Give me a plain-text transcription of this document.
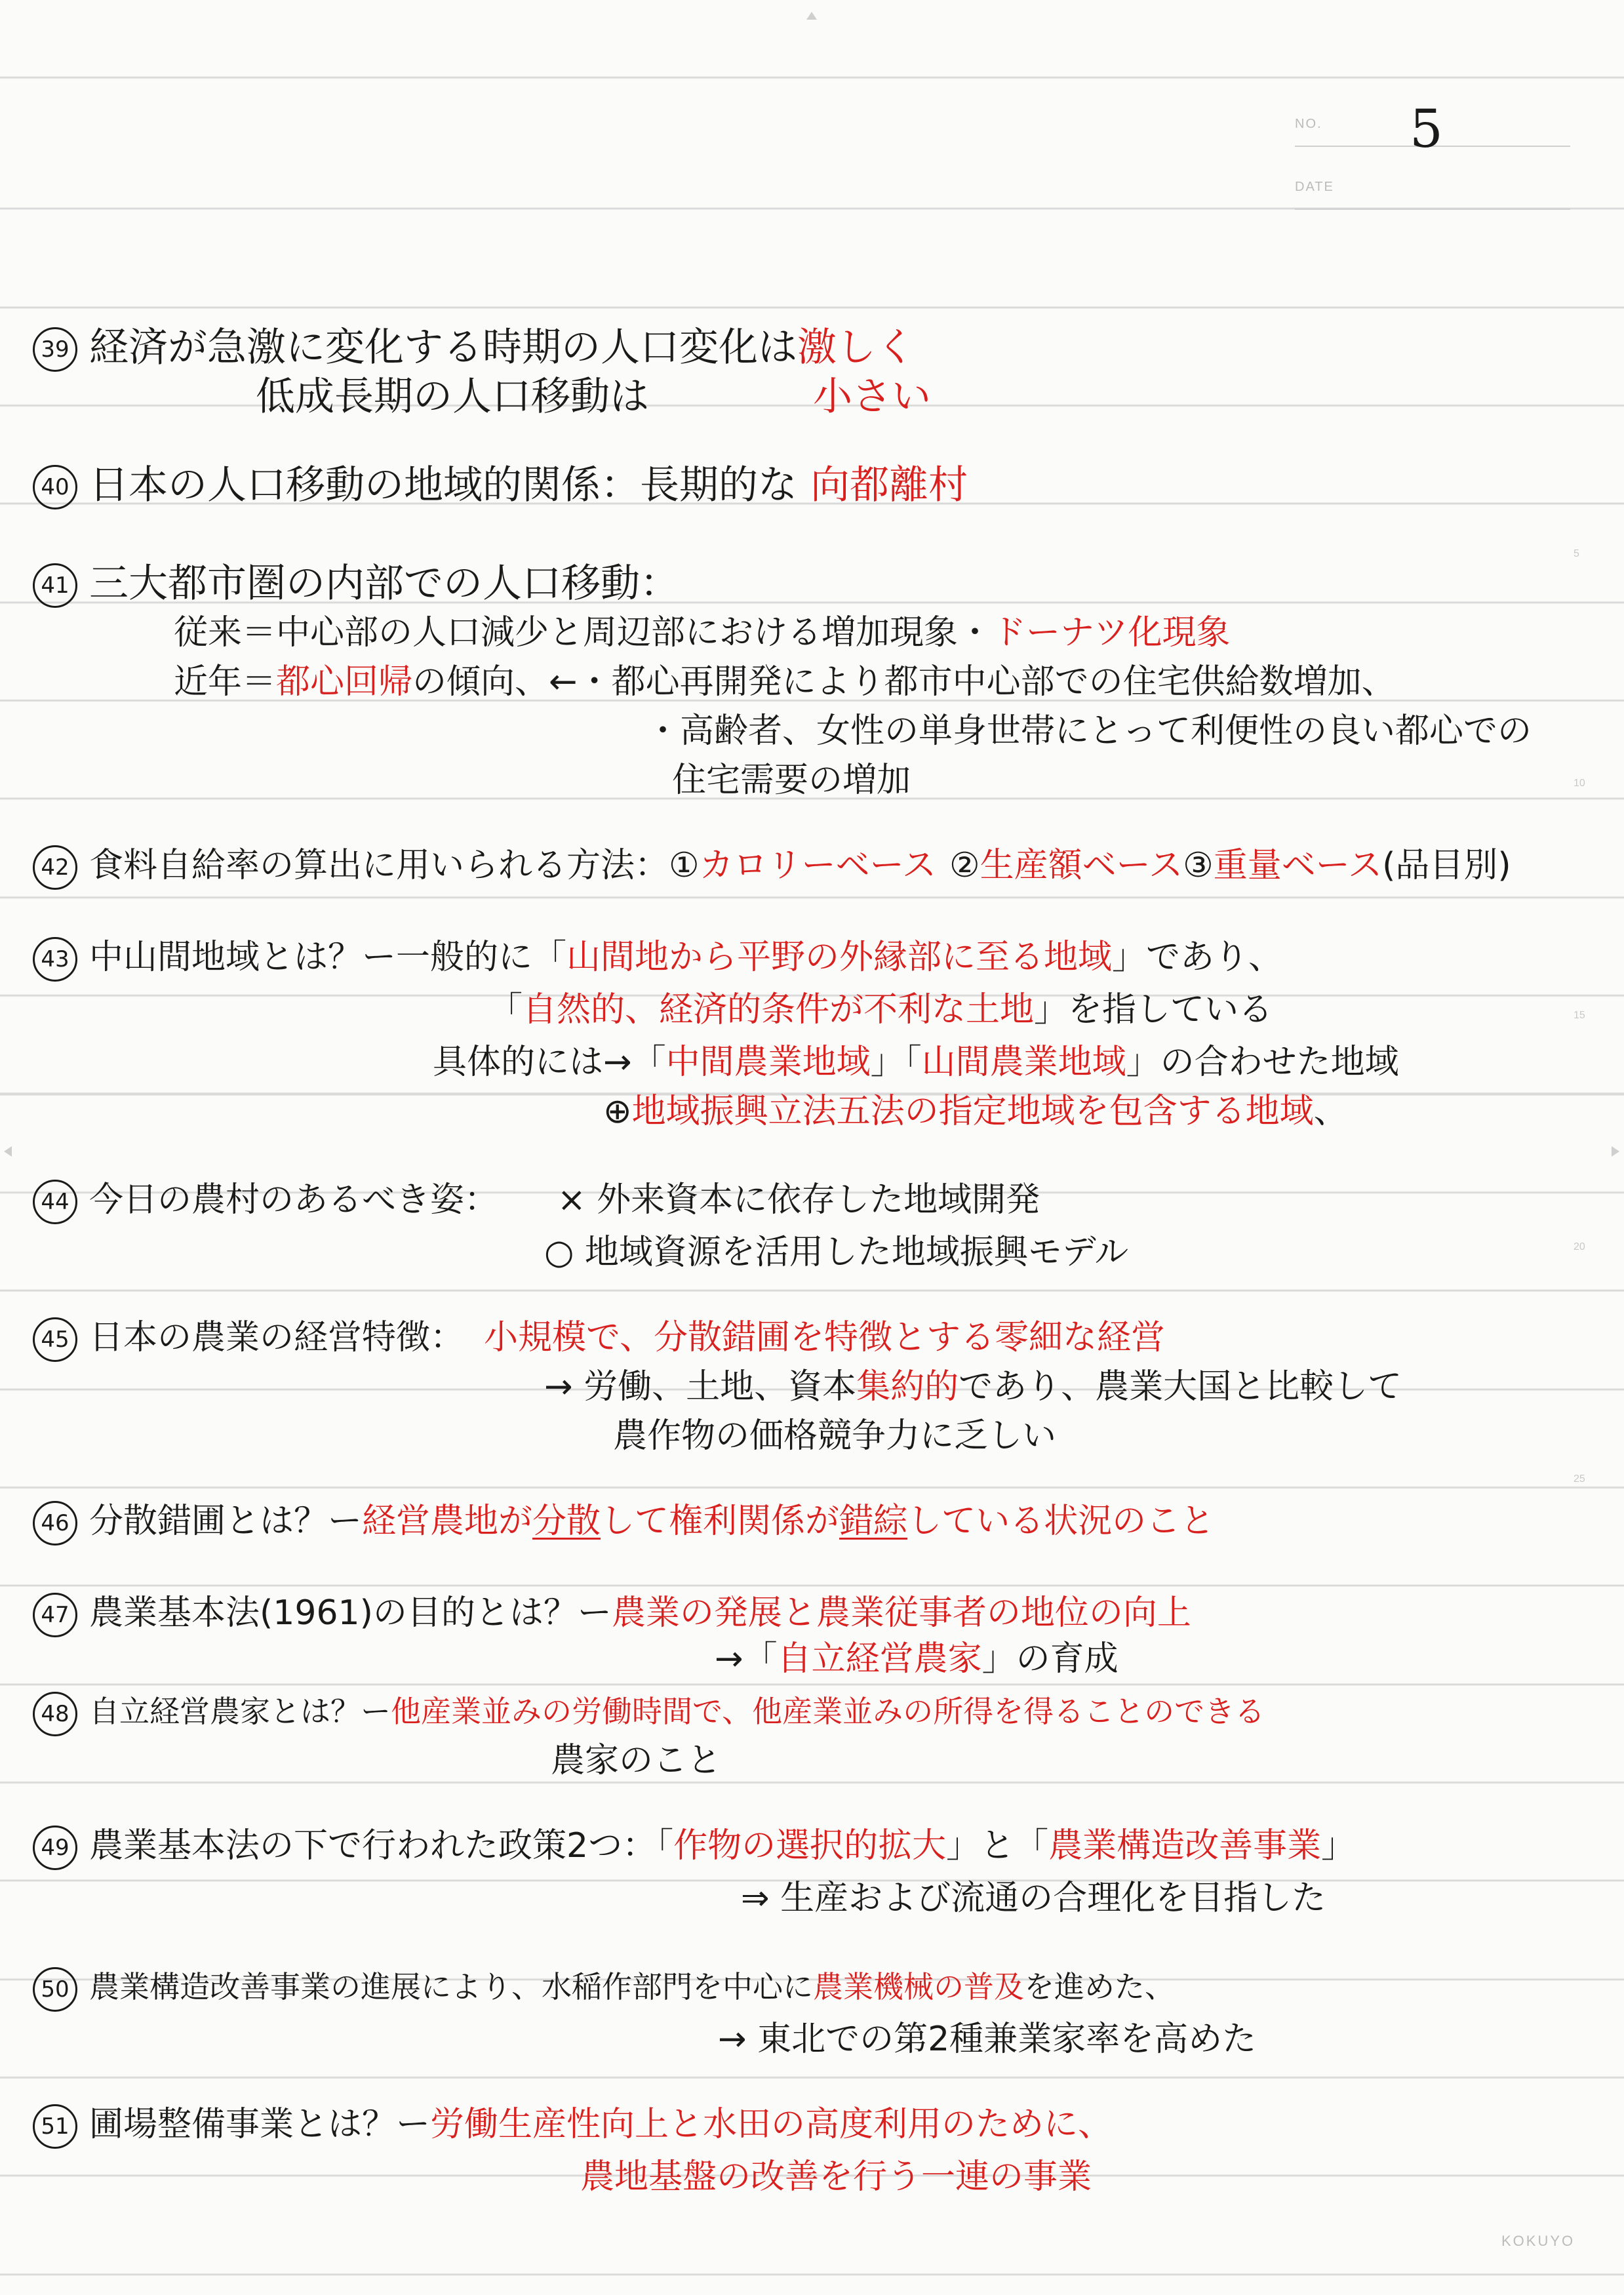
NO. 5
DATE
5
10
15
20
25
39 経済が急激に変化する時期の人口変化は激しく
低成長期の人口移動は	小さい
40 日本の人口移動の地域的関係：長期的な 向都離村
41 三大都市圏の内部での人口移動：
従来＝中心部の人口減少と周辺部における増加現象・ドーナツ化現象
近年＝都心回帰の傾向、←・都心再開発により都市中心部での住宅供給数増加、
・高齢者、女性の単身世帯にとって利便性の良い都心での
住宅需要の増加
42 食料自給率の算出に用いられる方法：①カロリーベース ②生産額ベース③重量ベース(品目別)
43 中山間地域とは？ー一般的に「山間地から平野の外縁部に至る地域」であり、
「自然的、経済的条件が不利な土地」を指している
具体的には→「中間農業地域」「山間農業地域」の合わせた地域
⊕地域振興立法五法の指定地域を包含する地域、
44 今日の農村のあるべき姿： × 外来資本に依存した地域開発
○ 地域資源を活用した地域振興モデル
45 日本の農業の経営特徴： 小規模で、分散錯圃を特徴とする零細な経営
→ 労働、土地、資本集約的であり、農業大国と比較して
農作物の価格競争力に乏しい
46 分散錯圃とは？ー経営農地が分散して権利関係が錯綜している状況のこと
47 農業基本法(1961)の目的とは？ー農業の発展と農業従事者の地位の向上
→「自立経営農家」の育成
48 自立経営農家とは？ー他産業並みの労働時間で、他産業並みの所得を得ることのできる
農家のこと
49 農業基本法の下で行われた政策2つ：「作物の選択的拡大」と「農業構造改善事業」
⇒ 生産および流通の合理化を目指した
50 農業構造改善事業の進展により、水稲作部門を中心に農業機械の普及を進めた、
→ 東北での第2種兼業家率を高めた
51 圃場整備事業とは？ー労働生産性向上と水田の高度利用のために、
農地基盤の改善を行う一連の事業
KOKUYO
